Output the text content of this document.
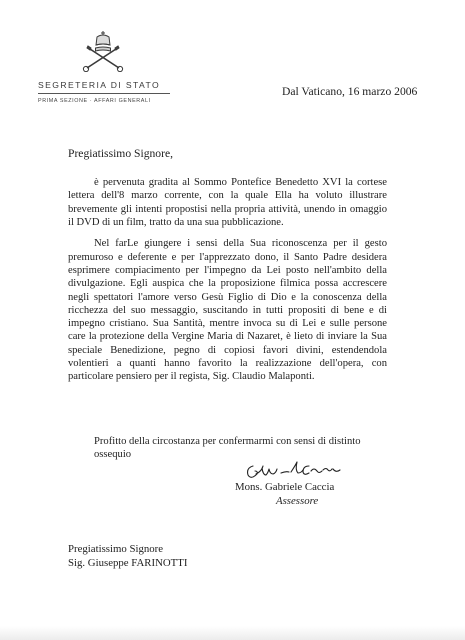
SEGRETERIA DI STATO
PRIMA SEZIONE · AFFARI GENERALI
Dal Vaticano, 16 marzo 2006
Pregiatissimo Signore,

è pervenuta gradita al Sommo Pontefice Benedetto XVI la cortese lettera dell'8 marzo corrente, con la quale Ella ha voluto illustrare brevemente gli intenti propostisi nella propria attività, unendo in omaggio il DVD di un film, tratto da una sua pubblicazione.

Nel farLe giungere i sensi della Sua riconoscenza per il gesto premuroso e deferente e per l'apprezzato dono, il Santo Padre desidera esprimere compiacimento per l'impegno da Lei posto nell'ambito della divulgazione. Egli auspica che la proposizione filmica possa accrescere negli spettatori l'amore verso Gesù Figlio di Dio e la conoscenza della ricchezza del suo messaggio, suscitando in tutti propositi di bene e di impegno cristiano. Sua Santità, mentre invoca su di Lei e sulle persone care la protezione della Vergine Maria di Nazaret, è lieto di inviare la Sua speciale Benedizione, pegno di copiosi favori divini, estendendola volentieri a quanti hanno favorito la realizzazione dell'opera, con particolare pensiero per il regista, Sig. Claudio Malaponti.

Profitto della circostanza per confermarmi con sensi di distinto ossequio

Mons. Gabriele Caccia
Assessore
Pregiatissimo Signore
Sig. Giuseppe FARINOTTI
